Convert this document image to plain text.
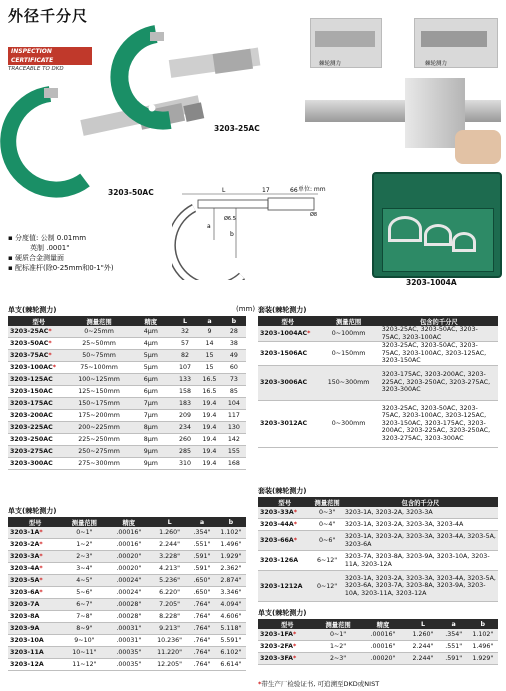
外径千分尺
INSPECTION
CERTIFICATE
TRACEABLE TO DKD
3203-25AC
3203-50AC
棘轮测力	棘轮测力
L	17	66
a
b
Ø8
Ø6.5
单位: mm
3203-1004A
▪ 分度值: 公制 0.01mm
英制 .0001"
▪ 硬质合金测量面
▪ 配标准杆(除0-25mm和0-1"外)
单支(棘轮测力)	(mm) 套装(棘轮测力)
单支(棘轮测力)
套装(棘轮测力)
单支(棘轮测力)
型号	测量范围	精度	L	a	b
3203-25AC*	0~25mm	4μm	32	9	28
3203-50AC*	25~50mm	4μm	57	14	38
3203-75AC*	50~75mm	5μm	82	15	49
3203-100AC*	75~100mm	5μm	107	15	60
3203-125AC	100~125mm	6μm	133	16.5	73
3203-150AC	125~150mm	6μm	158	16.5	85
3203-175AC	150~175mm	7μm	183	19.4	104
3203-200AC	175~200mm	7μm	209	19.4	117
3203-225AC	200~225mm	8μm	234	19.4	130
3203-250AC	225~250mm	8μm	260	19.4	142
3203-275AC	250~275mm	9μm	285	19.4	155
3203-300AC	275~300mm	9μm	310	19.4	168
型号	测量范围	精度	L	a	b
3203-1A*	0~1"	.00016"	1.260"	.354"	1.102"
3203-2A*	1~2"	.00016"	2.244"	.551"	1.496"
3203-3A*	2~3"	.00020"	3.228"	.591"	1.929"
3203-4A*	3~4"	.00020"	4.213"	.591"	2.362"
3203-5A*	4~5"	.00024"	5.236"	.650"	2.874"
3203-6A*	5~6"	.00024"	6.220"	.650"	3.346"
3203-7A	6~7"	.00028"	7.205"	.764"	4.094"
3203-8A	7~8"	.00028"	8.228"	.764"	4.606"
3203-9A	8~9"	.00031"	9.213"	.764"	5.118"
3203-10A	9~10"	.00031"	10.236"	.764"	5.591"
3203-11A	10~11"	.00035"	11.220"	.764"	6.102"
3203-12A	11~12"	.00035"	12.205"	.764"	6.614"
型号	测量范围	包含的千分尺
3203-1004AC*	0~100mm	3203-25AC, 3203-50AC, 3203-75AC, 3203-100AC
3203-1506AC	0~150mm	3203-25AC, 3203-50AC, 3203-75AC, 3203-100AC, 3203-125AC, 3203-150AC
3203-3006AC	150~300mm	3203-175AC, 3203-200AC, 3203-225AC, 3203-250AC, 3203-275AC, 3203-300AC
3203-3012AC	0~300mm	3203-25AC, 3203-50AC, 3203-75AC, 3203-100AC, 3203-125AC, 3203-150AC, 3203-175AC, 3203-200AC, 3203-225AC, 3203-250AC, 3203-275AC, 3203-300AC
型号	测量范围	包含的千分尺
3203-33A*	0~3"	3203-1A, 3203-2A, 3203-3A
3203-44A*	0~4"	3203-1A, 3203-2A, 3203-3A, 3203-4A
3203-66A*	0~6"	3203-1A, 3203-2A, 3203-3A, 3203-4A, 3203-5A, 3203-6A
3203-126A	6~12"	3203-7A, 3203-8A, 3203-9A, 3203-10A, 3203-11A, 3203-12A
3203-1212A	0~12"	3203-1A, 3203-2A, 3203-3A, 3203-4A, 3203-5A, 3203-6A, 3203-7A, 3203-8A, 3203-9A, 3203-10A, 3203-11A, 3203-12A
型号	测量范围	精度	L	a	b
3203-1FA*	0~1"	.00016"	1.260"	.354"	1.102"
3203-2FA*	1~2"	.00016"	2.244"	.551"	1.496"
3203-3FA*	2~3"	.00020"	2.244"	.591"	1.929"
*带生产厂检验证书, 可追溯至DKD或NIST
